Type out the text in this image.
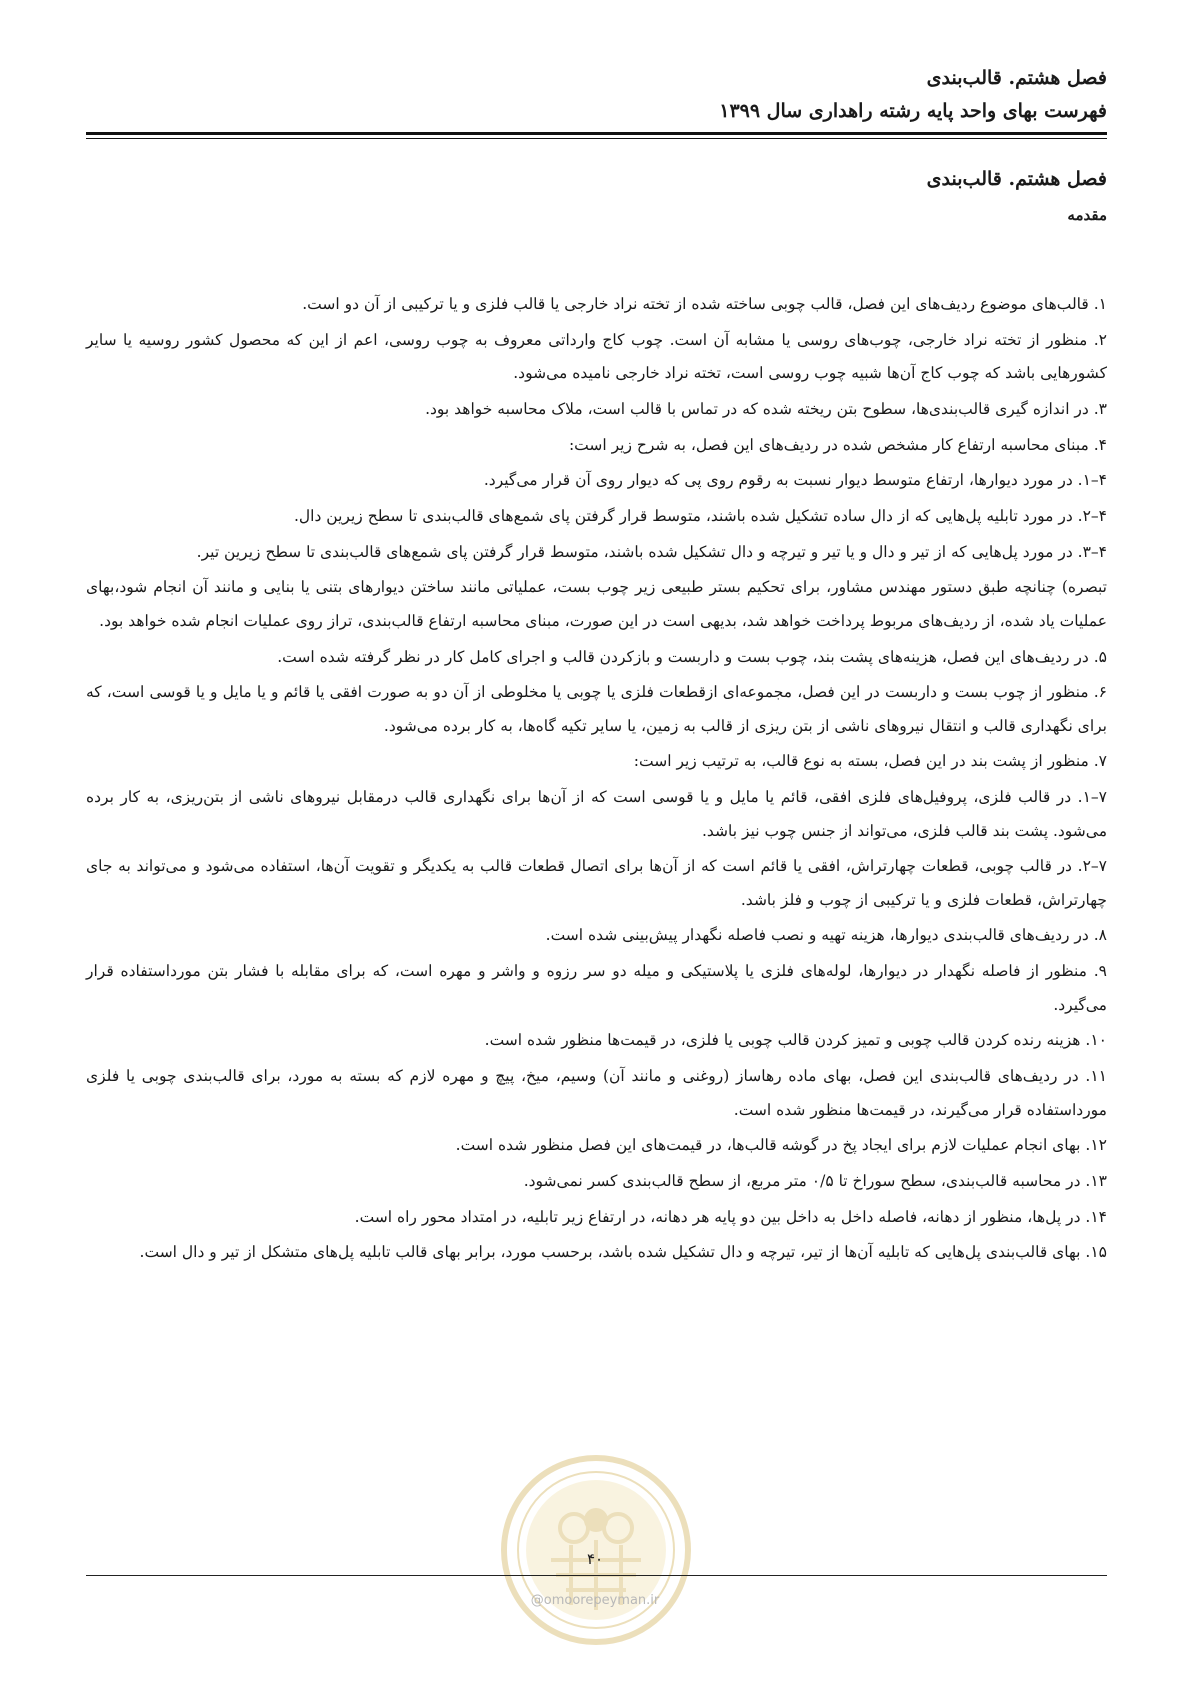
فصل هشتم. قالب‌بندی
فهرست بهای واحد پایه رشته راهداری سال ۱۳۹۹
فصل هشتم. قالب‌بندی
مقدمه

۱. قالب‌های موضوع ردیف‌های این فصل، قالب چوبی ساخته شده از تخته نراد خارجی یا قالب فلزی و یا ترکیبی از آن دو است.

۲. منظور از تخته نراد خارجی، چوب‌های روسی یا مشابه آن است. چوب کاج وارداتی معروف به چوب روسی، اعم از این که محصول کشور روسیه یا سایر کشورهایی باشد که چوب کاج آن‌ها شبیه چوب روسی است، تخته نراد خارجی نامیده می‌شود.

۳. در اندازه گیری قالب‌بندی‌ها، سطوح بتن ریخته شده که در تماس با قالب است، ملاک محاسبه خواهد بود.

۴. مبنای محاسبه ارتفاع کار مشخص شده در ردیف‌های این فصل، به شرح زیر است:

۴–۱. در مورد دیوارها، ارتفاع متوسط دیوار نسبت به رقوم روی پی که دیوار روی آن قرار می‌گیرد.

۴–۲. در مورد تابلیه پل‌هایی که از دال ساده تشکیل شده باشند، متوسط قرار گرفتن پای شمع‌های قالب‌بندی تا سطح زیرین دال.

۴–۳. در مورد پل‌هایی که از تیر و دال و یا تیر و تیرچه و دال تشکیل شده باشند، متوسط قرار گرفتن پای شمع‌های قالب‌بندی تا سطح زیرین تیر.

تبصره) چنانچه طبق دستور مهندس مشاور، برای تحکیم بستر طبیعی زیر چوب بست، عملیاتی مانند ساختن دیوارهای بتنی یا بنایی و مانند آن انجام شود،بهای عملیات یاد شده، از ردیف‌های مربوط پرداخت خواهد شد، بدیهی است در این صورت، مبنای محاسبه ارتفاع قالب‌بندی، تراز روی عملیات انجام شده خواهد بود.

۵. در ردیف‌های این فصل، هزینه‌های پشت بند، چوب بست و داربست و بازکردن قالب و اجرای کامل کار در نظر گرفته شده است.

۶. منظور از چوب بست و داربست در این فصل، مجموعه‌ای ازقطعات فلزی یا چوبی یا مخلوطی از آن دو به صورت افقی یا قائم و یا مایل و یا قوسی است، که برای نگهداری قالب و انتقال نیروهای ناشی از بتن ریزی از قالب به زمین، یا سایر تکیه گاه‌ها، به کار برده می‌شود.

۷. منظور از پشت بند در این فصل، بسته به نوع قالب، به ترتیب زیر است:

۷–۱. در قالب فلزی، پروفیل‌های فلزی افقی، قائم یا مایل و یا قوسی است که از آن‌ها برای نگهداری قالب درمقابل نیروهای ناشی از بتن‌ریزی، به کار برده می‌شود. پشت بند قالب فلزی، می‌تواند از جنس چوب نیز باشد.

۷–۲. در قالب چوبی، قطعات چهارتراش، افقی یا قائم است که از آن‌ها برای اتصال قطعات قالب به یکدیگر و تقویت آن‌ها، استفاده می‌شود و می‌تواند به جای چهارتراش، قطعات فلزی و یا ترکیبی از چوب و فلز باشد.

۸. در ردیف‌های قالب‌بندی دیوارها، هزینه تهیه و نصب فاصله نگهدار پیش‌بینی شده است.

۹. منظور از فاصله نگهدار در دیوارها، لوله‌های فلزی یا پلاستیکی و میله دو سر رزوه و واشر و مهره است، که برای مقابله با فشار بتن مورداستفاده قرار می‌گیرد.

۱۰. هزینه رنده کردن قالب چوبی و تمیز کردن قالب چوبی یا فلزی، در قیمت‌ها منظور شده است.

۱۱. در ردیف‌های قالب‌بندی این فصل، بهای ماده رهاساز (روغنی و مانند آن) وسیم، میخ، پیچ و مهره لازم که بسته به مورد، برای قالب‌بندی چوبی یا فلزی مورداستفاده قرار می‌گیرند، در قیمت‌ها منظور شده است.

۱۲. بهای انجام عملیات لازم برای ایجاد پخ در گوشه قالب‌ها، در قیمت‌های این فصل منظور شده است.

۱۳. در محاسبه قالب‌بندی، سطح سوراخ تا ۰/۵ متر مربع، از سطح قالب‌بندی کسر نمی‌شود.

۱۴. در پل‌ها، منظور از دهانه، فاصله داخل به داخل بین دو پایه هر دهانه، در ارتفاع زیر تابلیه، در امتداد محور راه است.

۱۵. بهای قالب‌بندی پل‌هایی که تابلیه آن‌ها از تیر، تیرچه و دال تشکیل شده باشد، برحسب مورد، برابر بهای قالب تابلیه پل‌های متشکل از تیر و دال است.

۴۰
@omoorepeyman.ir
